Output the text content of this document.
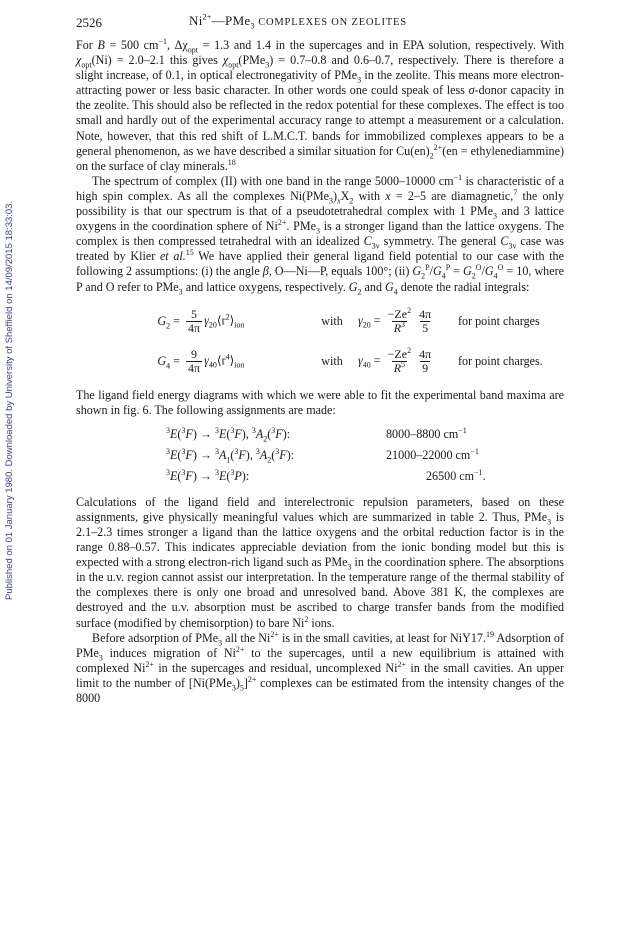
Published on 01 January 1980. Downloaded by University of Sheffield on 14/09/2015 18:33:03.
2526	$Ni^{2+}—PMe_3$ COMPLEXES ON ZEOLITES

For B = 500 $cm^{-1}$, $\Delta\chi_{opt} = 1.3$ and 1.4 in the supercages and in EPA solution, respectively. With $\chi_{opt}(Ni) = 2.0-2.1$ this gives $\chi_{opt}(PMe_3) = 0.7-0.8$ and 0.6–0.7, respectively. There is therefore a slight increase, of 0.1, in optical electronegativity of PMe$_3$ in the zeolite. This means more electron-attracting power or less basic character. In other words one could speak of less σ-donor capacity in the zeolite. This should also be reflected in the redox potential for these complexes. The effect is too small and hardly out of the experimental accuracy range to attempt a measurement or a calculation. Note, however, that this red shift of L.M.C.T. bands for immobilized complexes appears to be a general phenomenon, as we have described a similar situation for $Cu(en)_2^{2+}(en$ = ethylenediammine) on the surface of clay minerals.$^{18}$

The spectrum of complex (II) with one band in the range 5000–10000 $cm^{-1}$ is characteristic of a high spin complex. As all the complexes $Ni(PMe_3)_xX_2$ with x = 2–5 are diamagnetic,$^7$ the only possibility is that our spectrum is that of a pseudotetrahedral complex with 1 PMe$_3$ and 3 lattice oxygens in the coordination sphere of $Ni^{2+}$. PMe$_3$ is a stronger ligand than the lattice oxygens. The complex is then compressed tetrahedral with an idealized $C_{3v}$ symmetry. The general $C_{3v}$ case was treated by Klier et al.$^{15}$ We have applied their general ligand field potential to our case with the following 2 assumptions: (i) the angle β, O—Ni—P, equals 100°; (ii) $G_2^P/G_4^P = G_2^O/G_4^O = 10$, where P and O refer to PMe$_3$ and lattice oxygens, respectively. $G_2$ and $G_4$ denote the radial integrals:

$G_2 = \frac{5}{4\pi}$ $\gamma_{20}⟨r^2⟩_{ion}$	with	$\gamma_{20} = \frac{-Ze^2}{R^3} \frac{4\pi}{5}$ for point charges
$G_4 = \frac{9}{4\pi}$ $\gamma_{40}⟨r^4⟩_{ion}$	with	$\gamma_{40} = \frac{-Ze^2}{R^5} \frac{4\pi}{9}$ for point charges.

The ligand field energy diagrams with which we were able to fit the experimental band maxima are shown in fig. 6. The following assignments are made:

$^3$E($^3$F) → $^3$E($^3$F), $^3A_2(^3F)$:	8000–8800 $cm^{-1}$
$^3E(^3F) \to ^3A_1(^3F)$, $^3A_2(^3F)$:	21000–22000 $cm^{-1}$
$^3$E($^3$F) → $^3$E($^3$P):	26500 $cm^{-1}$.

Calculations of the ligand field and interelectronic repulsion parameters, based on these assignments, give physically meaningful values which are summarized in table 2. Thus, PMe$_3$ is 2.1–2.3 times stronger a ligand than the lattice oxygens and the orbital reduction factor is in the range 0.88–0.57. This indicates appreciable deviation from the ionic bonding model but this is expected with a strong electron-rich ligand such as PMe$_3$ in the coordination sphere. The absorptions in the u.v. region cannot assist our interpretation. In the temperature range of the thermal stability of the complexes there is only one broad and unresolved band. Above 381 K, the complexes are destroyed and the u.v. absorption must be ascribed to charge transfer bands from the modified surface (modified by chemisorption) to bare Ni$^2$ ions.

Before adsorption of PMe$_3$ all the $Ni^{2+}$ is in the small cavities, at least for NiY17.19 Adsorption of PMe$_3$ induces migration of $Ni^{2+}$ to the supercages, until a new equilibrium is attained with complexed $Ni^{2+}$ in the supercages and residual, uncomplexed $Ni^{2+}$ in the small cavities. An upper limit to the number of $[Ni(PMe_3)_5]^{2+}$ complexes can be estimated from the intensity changes of the 8000
